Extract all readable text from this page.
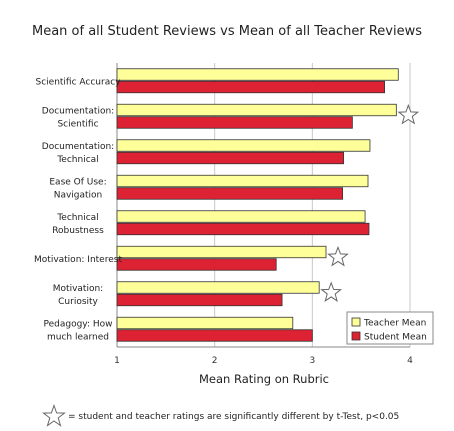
Mean of all Student Reviews vs Mean of all Teacher Reviews
Scientific Accuracy
Documentation:
Scientific
Documentation:
Technical
Ease Of Use:
Navigation
Technical
Robustness
Motivation: Interest
Motivation:
Curiosity
Pedagogy: How
much learned
1	2	3	4
Teacher Mean
Student Mean
Mean Rating on Rubric
= student and teacher ratings are significantly different by t-Test, p<0.05
